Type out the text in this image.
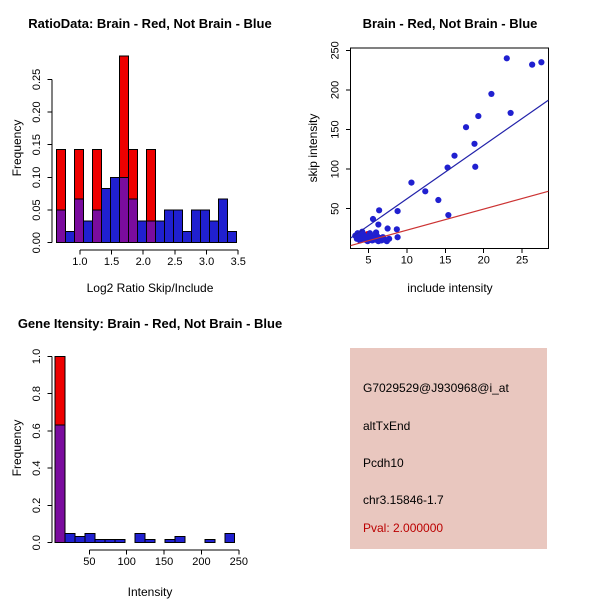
RatioData: Brain - Red, Not Brain - Blue
0.00
0.05
0.10
0.15
0.20
0.25
1.0 1.5 2.0 2.5 3.0 3.5
Log2 Ratio Skip/Include
Frequency
Brain - Red, Not Brain - Blue
5	10 15 20 25
50
100
150
200
250
include intensity
skip intensity
Gene Itensity: Brain - Red, Not Brain - Blue
0.0
0.2
0.4
0.6
0.8
1.0
50 100 150 200 250
Intensity
Frequency
G7029529@J930968@i_at
altTxEnd
Pcdh10
chr3.15846-1.7
Pval: 2.000000
